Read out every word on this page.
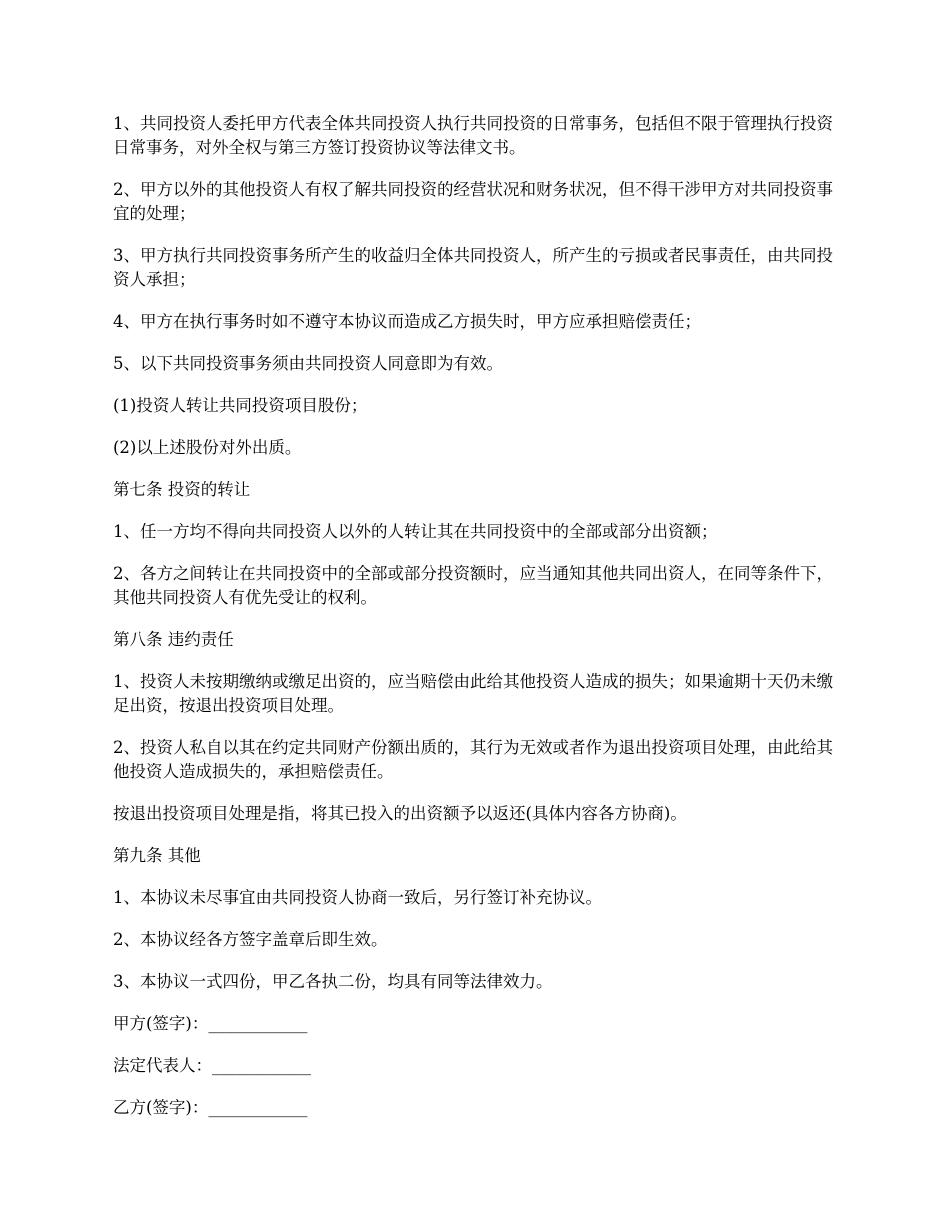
1、共同投资人委托甲方代表全体共同投资人执行共同投资的日常事务，包括但不限于管理执行投资日常事务，对外全权与第三方签订投资协议等法律文书。

2、甲方以外的其他投资人有权了解共同投资的经营状况和财务状况，但不得干涉甲方对共同投资事宜的处理；

3、甲方执行共同投资事务所产生的收益归全体共同投资人，所产生的亏损或者民事责任，由共同投资人承担；

4、甲方在执行事务时如不遵守本协议而造成乙方损失时，甲方应承担赔偿责任；

5、以下共同投资事务须由共同投资人同意即为有效。

(1)投资人转让共同投资项目股份；

(2)以上述股份对外出质。

第七条 投资的转让

1、任一方均不得向共同投资人以外的人转让其在共同投资中的全部或部分出资额；

2、各方之间转让在共同投资中的全部或部分投资额时，应当通知其他共同出资人，在同等条件下，其他共同投资人有优先受让的权利。

第八条 违约责任

1、投资人未按期缴纳或缴足出资的，应当赔偿由此给其他投资人造成的损失；如果逾期十天仍未缴足出资，按退出投资项目处理。

2、投资人私自以其在约定共同财产份额出质的，其行为无效或者作为退出投资项目处理，由此给其他投资人造成损失的，承担赔偿责任。

按退出投资项目处理是指，将其已投入的出资额予以返还(具体内容各方协商)。

第九条 其他

1、本协议未尽事宜由共同投资人协商一致后，另行签订补充协议。

2、本协议经各方签字盖章后即生效。

3、本协议一式四份，甲乙各执二份，均具有同等法律效力。

甲方(签字)：____________

法定代表人：____________

乙方(签字)：____________
